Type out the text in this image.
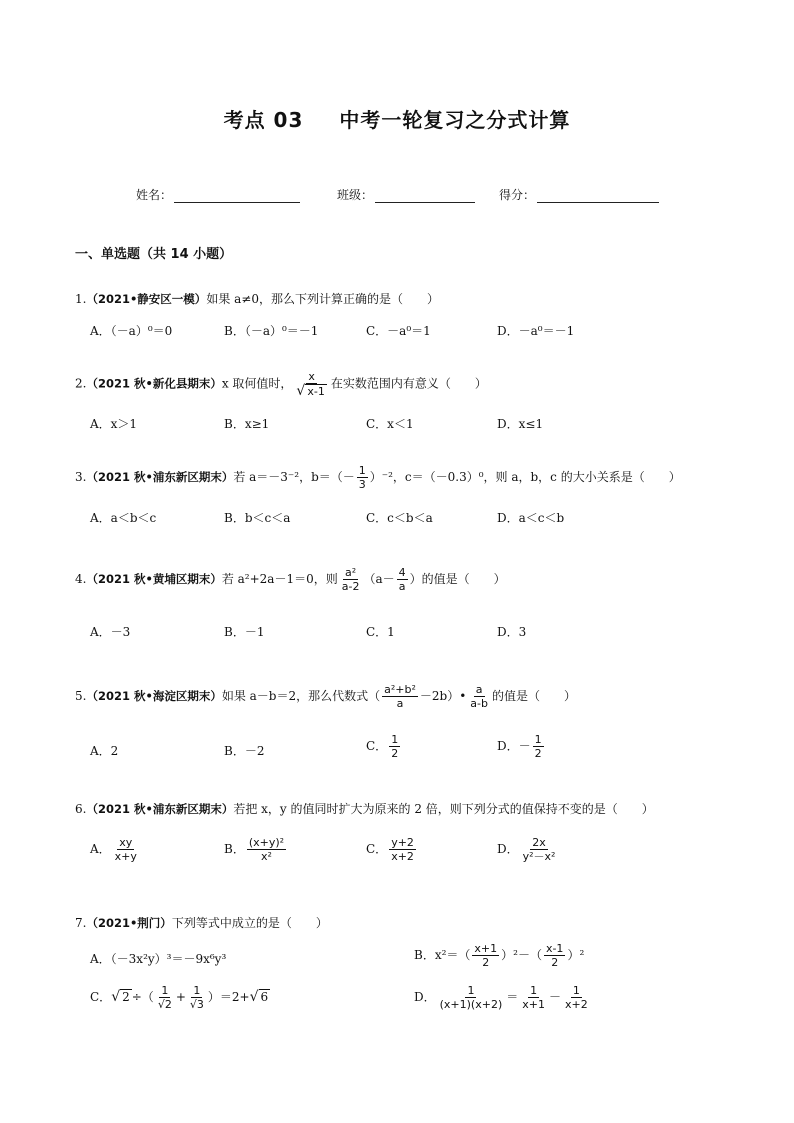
考点 03 中考一轮复习之分式计算
姓名：	班级：	得分：
一、单选题（共 14 小题）
1.（2021•静安区一模）如果 a≠0，那么下列计算正确的是（　　）
A．（－a）⁰＝0	B．（－a）⁰＝－1	C．－a⁰＝1	D．－a⁰＝－1
2.（2021 秋•新化县期末）x 取何值时， $\frac{x}{√ x-1}$ 在实数范围内有意义（　　）
A．x＞1	B．x≥1	C．x＜1	D．x≤1
3.（2021 秋•浦东新区期末）若 a＝－3⁻²，$b=(- \frac{1}{3} )^{-2}$，c＝（－0.3）⁰，则 a，b，c 的大小关系是（　　）
A．a＜b＜c	B．b＜c＜a	C．c＜b＜a	D．a＜c＜b
4.（2021 秋•黄埔区期末）若 a²+2a－1＝0，则 $\frac{\text{a²}}{a-2} (a- \frac{4}{a}$ ）的值是（　　）
A．－3	B．－1	C．1	D．3
5.（2021 秋•海淀区期末）如果 a－b＝2，那么代数式（ $\frac{\text{a²+b²}}{a}$ －2b）• $\frac{a}{a-b}$ 的值是（　　）
A．2	B．－2	C． $\frac{1}{2}$	D．－ $\frac{1}{2}$
6.（2021 秋•浦东新区期末）若把 x，y 的值同时扩大为原来的 2 倍，则下列分式的值保持不变的是（　　）
A． $\frac{xy}{x+y}$	B． $\frac{\text{(x+y)²}}{\text{x²}}$	C． $\frac{y+2}{x+2}$	D． $\frac{2x}{\text{y²－x²}}$
7.（2021•荆门）下列等式中成立的是（　　）
A．（－3x²y）³＝－9x⁶y³	B．$x^2=( \frac{x+1}{2} )^2-( \frac{x-1}{2} )^2$
C．√ 2 ÷（ $\frac{1}{√2} + \frac{1}{√3} )=2+√$ 6	D． $\frac{1}{(x+1)(x+2)} = \frac{1}{x+1} - \frac{1}{x+2}$
